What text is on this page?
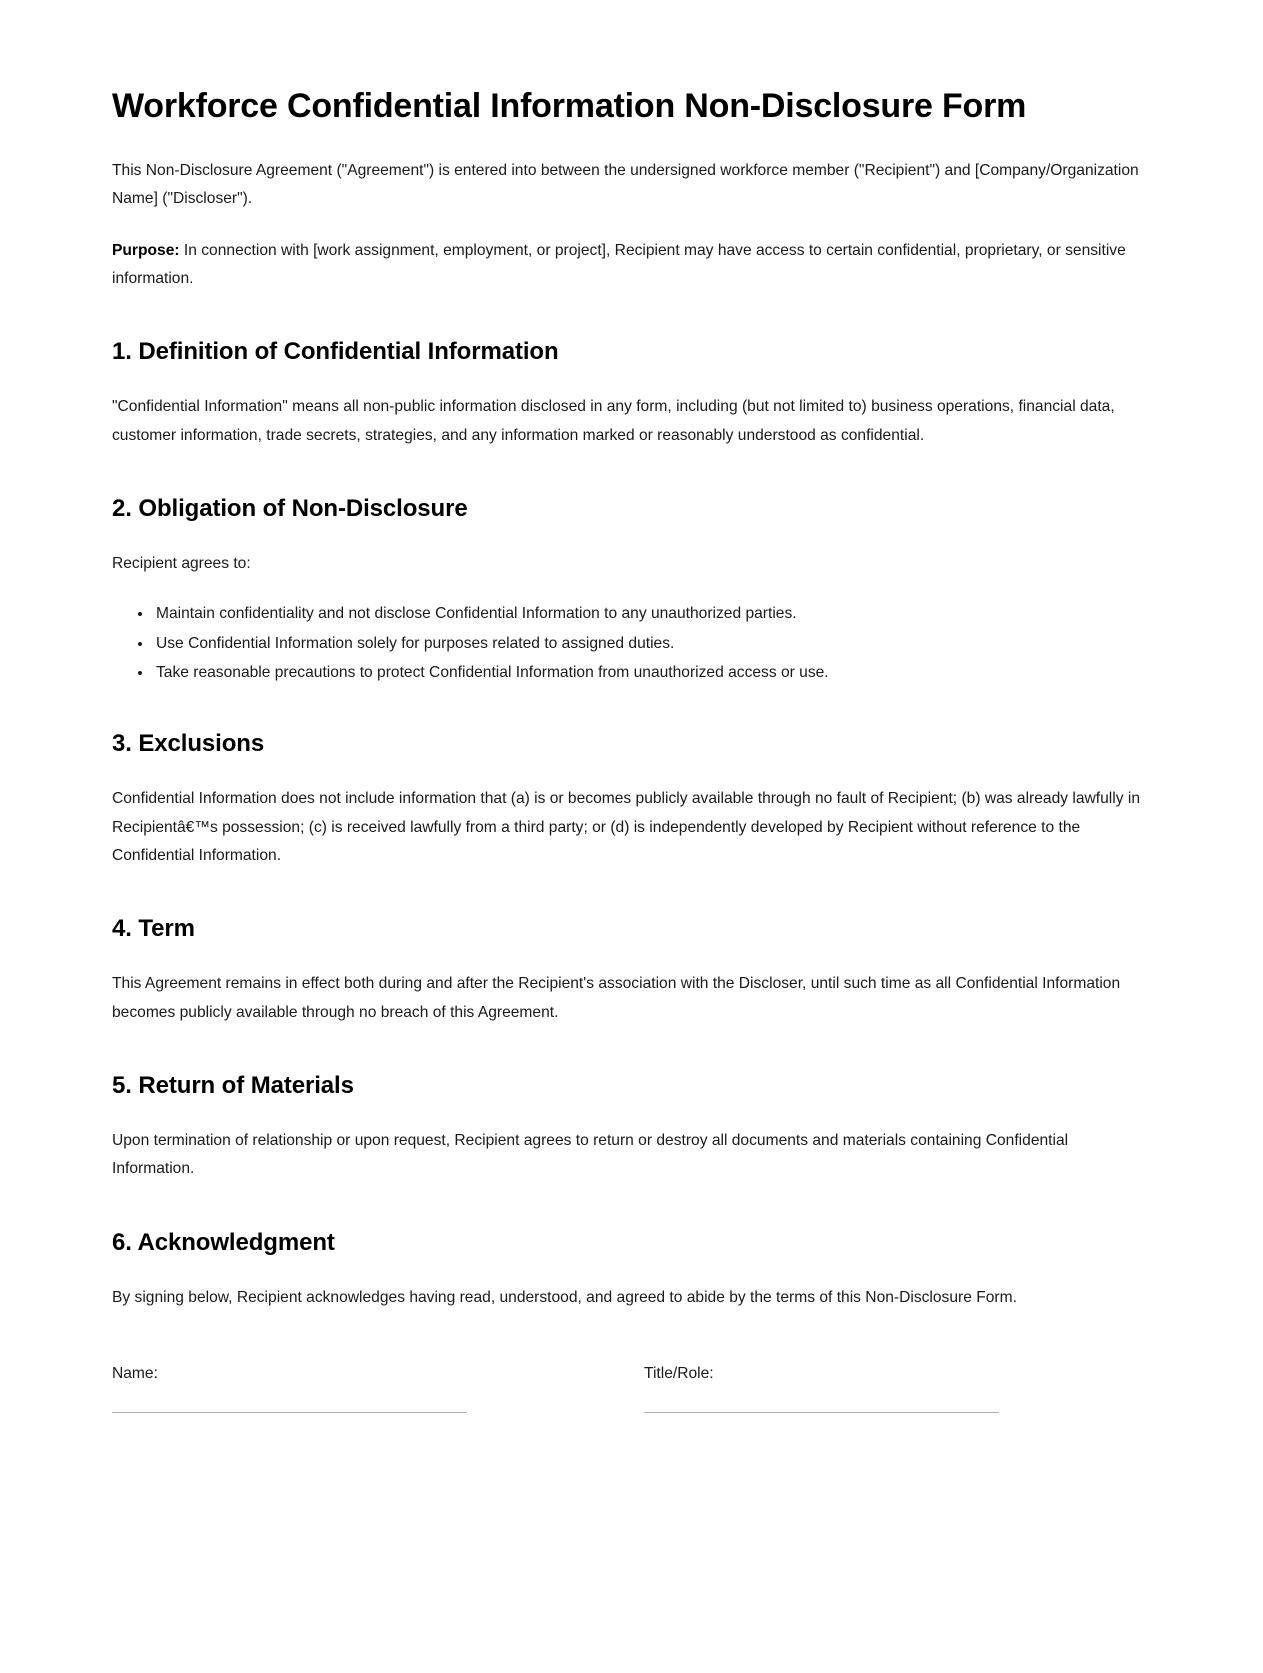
Workforce Confidential Information Non-Disclosure Form

This Non-Disclosure Agreement ("Agreement") is entered into between the undersigned workforce member ("Recipient") and [Company/Organization Name] ("Discloser").

Purpose: In connection with [work assignment, employment, or project], Recipient may have access to certain confidential, proprietary, or sensitive information.

1. Definition of Confidential Information

"Confidential Information" means all non-public information disclosed in any form, including (but not limited to) business operations, financial data, customer information, trade secrets, strategies, and any information marked or reasonably understood as confidential.

2. Obligation of Non-Disclosure

Recipient agrees to:

• Maintain confidentiality and not disclose Confidential Information to any unauthorized parties.
• Use Confidential Information solely for purposes related to assigned duties.
• Take reasonable precautions to protect Confidential Information from unauthorized access or use.
3. Exclusions

Confidential Information does not include information that (a) is or becomes publicly available through no fault of Recipient; (b) was already lawfully in Recipientâ€™s possession; (c) is received lawfully from a third party; or (d) is independently developed by Recipient without reference to the Confidential Information.

4. Term

This Agreement remains in effect both during and after the Recipient's association with the Discloser, until such time as all Confidential Information becomes publicly available through no breach of this Agreement.

5. Return of Materials

Upon termination of relationship or upon request, Recipient agrees to return or destroy all documents and materials containing Confidential Information.

6. Acknowledgment

By signing below, Recipient acknowledges having read, understood, and agreed to abide by the terms of this Non-Disclosure Form.

Name:	Title/Role:
